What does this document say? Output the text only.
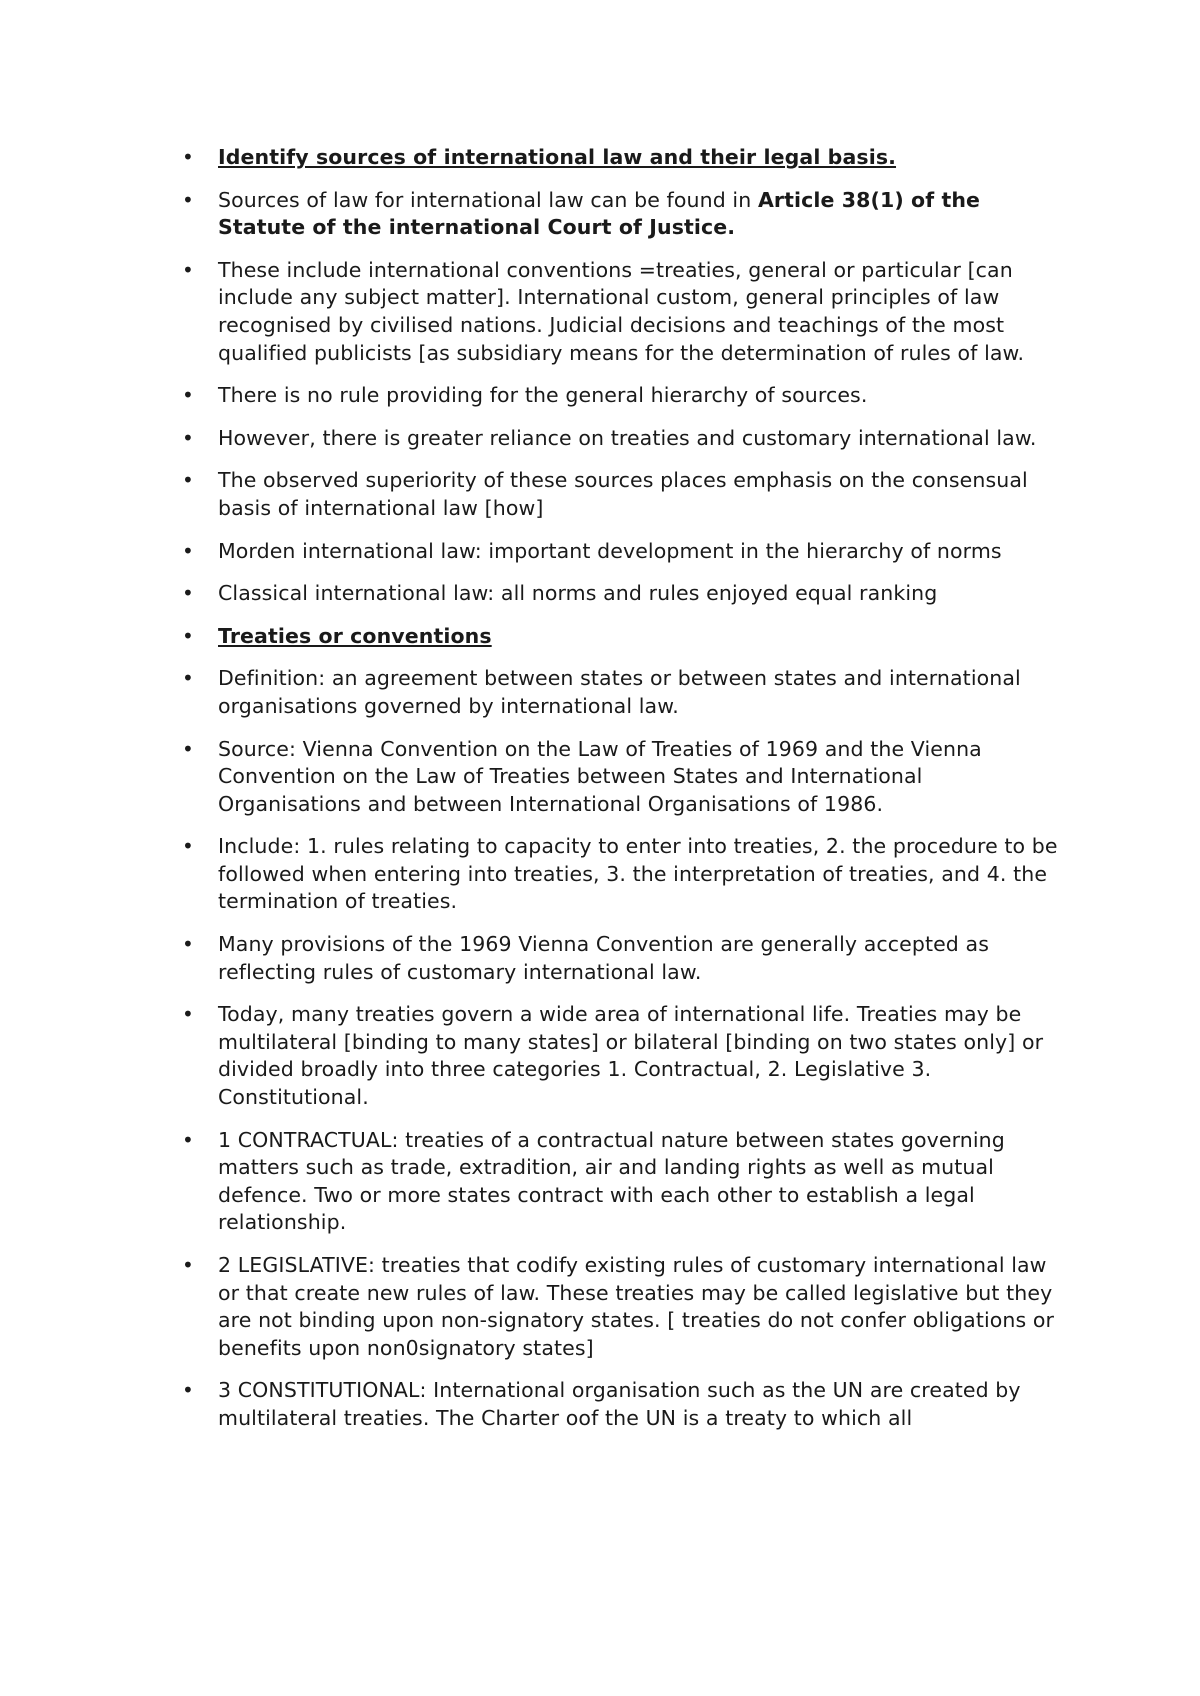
• Identify sources of international law and their legal basis.
• Sources of law for international law can be found in Article 38(1) of the Statute of the international Court of Justice.
• These include international conventions =treaties, general or particular [can include any subject matter]. International custom, general principles of law recognised by civilised nations. Judicial decisions and teachings of the most qualified publicists [as subsidiary means for the determination of rules of law.
• There is no rule providing for the general hierarchy of sources.
• However, there is greater reliance on treaties and customary international law.
• The observed superiority of these sources places emphasis on the consensual basis of international law [how]
• Morden international law: important development in the hierarchy of norms
• Classical international law: all norms and rules enjoyed equal ranking
• Treaties or conventions
• Definition: an agreement between states or between states and international organisations governed by international law.
• Source: Vienna Convention on the Law of Treaties of 1969 and the Vienna Convention on the Law of Treaties between States and International Organisations and between International Organisations of 1986.
• Include: 1. rules relating to capacity to enter into treaties, 2. the procedure to be followed when entering into treaties, 3. the interpretation of treaties, and 4. the termination of treaties.
• Many provisions of the 1969 Vienna Convention are generally accepted as reflecting rules of customary international law.
• Today, many treaties govern a wide area of international life. Treaties may be multilateral [binding to many states] or bilateral [binding on two states only] or divided broadly into three categories 1. Contractual, 2. Legislative 3. Constitutional.
• 1 CONTRACTUAL: treaties of a contractual nature between states governing matters such as trade, extradition, air and landing rights as well as mutual defence. Two or more states contract with each other to establish a legal relationship.
• 2 LEGISLATIVE: treaties that codify existing rules of customary international law or that create new rules of law. These treaties may be called legislative but they are not binding upon non-signatory states. [ treaties do not confer obligations or benefits upon non0signatory states]
• 3 CONSTITUTIONAL: International organisation such as the UN are created by multilateral treaties. The Charter oof the UN is a treaty to which all
